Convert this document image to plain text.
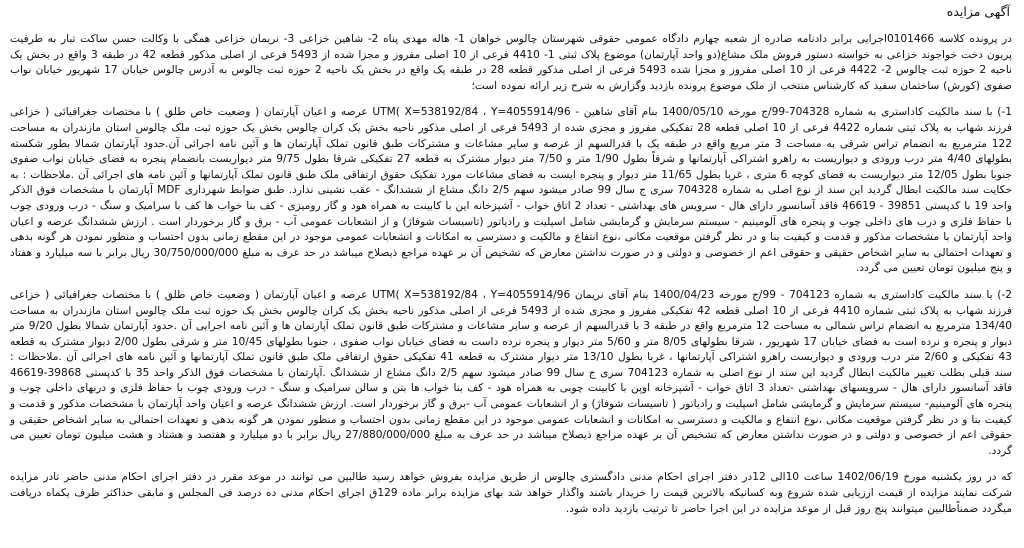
آگهی مزایده

در پرونده کلاسه 0101466اجرایی برابر دادنامه صادره از شعبه چهارم دادگاه عمومی حقوقی شهرستان چالوس خواهان 1- هاله مهدی پناه 2- شاهین خزاعی 3- نریمان خزاعی همگی با وکالت حسن ساکت تبار به طرفیت پریون دخت خواجوند خزاعی به خواسته دستور فروش ملک مشاع(دو واحد آپارتمان) موضوع پلاک ثبتی 1- 4410 فرعی از 10 اصلی مفروز و مجزا شده از 5493 فرعی از اصلی مذکور قطعه 42 در طبقه 3 واقع در بخش یک ناحیه 2 حوزه ثبت چالوس 2- 4422 فرعی از 10 اصلی مفروز و مجزا شده 5493 فرعی از اصلی مذکور قطعه 28 در طبقه یک واقع در بخش یک ناحیه 2 حوزه ثبت چالوس به آدرس چالوس خیابان 17 شهریور خیابان نواب صفوی (کورش) ساختمان سفید که کارشناس منتخب از ملک موضوع پرونده بازدید وگزارش به شرح زیر ارائه نموده است؛

1-) با سند مالکیت کاداستری به شماره 704328-99/ج مورخه 1400/05/10 بنام آقای شاهین - UTM( X=538192/84 ، Y=4055914/96 عرصه و اعیان آپارتمان ( وضعیت خاص طلق ) با مختصات جغرافیائی ( خزاعی فرزند شهاب به پلاک ثبتی شماره 4422 فرعی از 10 اصلی قطعه 28 تفکیکی مفروز و مجزی شده از 5493 فرعی از اصلی مذکور ناحیه بخش یک کران چالوس بخش یک حوزه ثبت ملک چالوس استان مازندران به مساحت 122 مترمربع به انضمام تراس شرقی به مساحت 3 متر مربع واقع در طبقه یک با قدرالسهم از عرصه و سایر مشاعات و مشترکات طبق قانون تملک آپارتمان ها و آئین نامه اجرائی آن.حدود آپارتمان شمالا بطور شکسته بطولهای 4/40 متر درب ورودی و دیواریست به راهرو اشتراکی آپارتمانها و شرقاً بطول 1/90 متر و 7/50 متر دیوار مشترک به قطعه 27 تفکیکی شرقا بطول 9/75 متر دیواریست بانضمام پنجره به فضای خیابان نواب صفوی جنوبا بطول 12/05 متر دیواریست به فضای کوچه 6 متری ، غربا بطول 11/65 متر دیوار و پنجره ایست به فضای مشاعات مورد تفکیک حقوق ارتفاقی ملک طبق قانون تملک آپارتمانها و آئین نامه های اجرائی آن .ملاحظات : به حکایت سند مالکیت ابطال گردید این سند از نوع اصلی به شماره 704328 سری ج سال 99 صادر میشود سهم 2/5 دانگ مشاع از ششدانگ - عقب نشینی ندارد. طبق ضوابط شهرداری MDF آپارتمان با مشخصات فوق الذکر واحد 19 با کدپستی 39851 - 46619 فاقد آسانسور دارای هال - سرویس های بهداشتی - تعداد 2 اتاق خواب - آشپزخانه این با کابینت به همراه هود و گاز رومیزی - کف بنا خواب ها کف با سرامیک و سنگ - درب ورودی چوب با حفاظ فلزی و درب های داخلی چوب و پنجره های آلومینیم - سیستم سرمایش و گرمایشی شامل اسپلیت و رادیاتور (تاسیسات شوفاژ) و از انشعابات عمومی آب - برق و گاز برخوردار است . ارزش ششدانگ عرصه و اعیان واحد آپارتمان با مشخصات مذکور و قدمت و کیفیت بنا و در نظر گرفتن موقعیت مکانی ،نوع انتفاع و مالکیت و دسترسی به امکانات و انشعابات عمومی موجود در این مقطع زمانی بدون احتساب و منظور نمودن هر گونه بدهی و تعهدات احتمالی به سایر اشخاص حقیقی و حقوقی اعم از خصوصی و دولتی و در صورت نداشتن معارض که تشخیص آن بر عهده مراجع ذیصلاح میباشد در حد عرف به مبلغ 30/750/000/000 ریال برابر با سه میلیارد و هفتاد و پنج میلیون تومان تعیین می گردد.

2-) با سند مالکیت کاداستری به شماره 704123 - 99/ج مورخه 1400/04/23 بنام آقای نریمان UTM( X=538192/84 ، Y=4055914/96 عرصه و اعیان آپارتمان ( وضعیت خاص طلق ) با مختصات جغرافیائی ( خزاعی فرزند شهاب به پلاک ثبتی شماره 4410 فرعی از 10 اصلی قطعه 42 تفکیکی مفروز و مجزی شده از 5493 فرعی از اصلی مذکور ناحیه بخش یک کران چالوس بخش یک حوزه ثبت ملک چالوس استان مازندران به مساحت 134/40 مترمربع به انضمام تراس شمالی به مساحت 12 مترمربع واقع در طبقه 3 با قدرالسهم از عرصه و سایر مشاعات و مشترکات طبق قانون تملک آپارتمان ها و آئین نامه اجرایی آن .حدود آپارتمان شمالا بطول 9/20 متر دیوار و پنجره و نرده است به فضای خیابان 17 شهریور ، شرقا بطولهای 8/05 متر و 5/60 متر دیوار و پنجره نرده داست به فضای خیابان نواب صفوی ، جنوبا بطولهای 10/45 متر و شرقی بطول 2/00 دیوار مشترک به قطعه 43 تفکیکی و 2/60 متر درب ورودی و دیواریست راهرو اشتراکی آپارتمانها ، غربا بطول 13/10 متر دیوار مشترک به قطعه 41 تفکیکی حقوق ارتفاقی ملک طبق قانون تملک آپارتمانها و آئین نامه های اجرائی آن .ملاحظات : سند قبلی بطلب تغییر مالکیت ابطال گردید این سند از نوع اصلی به شماره 704123 سری ج سال 99 صادر میشود سهم 2/5 دانگ مشاع از ششدانگ .آپارتمان با مشخصات فوق الذکر واحد 35 با کدپستی 39868-46619 فاقد آسانسور دارای هال - سرویسهای بهداشتی -تعداد 3 اتاق خواب - آشپزخانه اوپن با کابینت چوبی به همراه هود - کف بنا خواب ها بتن و سالن سرامیک و سنگ - درب ورودی چوب با حفاظ فلزی و دربهای داخلی چوب و پنجره های آلومینیم- سیستم سرمایش و گرمایشی شامل اسپلیت و رادیاتور ( تاسیسات شوفاژ) و از انشعابات عمومی آب -برق و گاز برخوردار است. ارزش ششدانگ عرصه و اعیان واحد آپارتمان با مشخصات مذکور و قدمت و کیفیت بنا و در نظر گرفتن موقعیت مکانی ،نوع انتفاع و مالکیت و دسترسی به امکانات و انشعابات عمومی موجود در این مقطع زمانی بدون احتساب و منظور نمودن هر گونه بدهی و تعهدات احتمالی به سایر اشخاص حقیقی و حقوقی اعم از خصوصی و دولتی و در صورت نداشتن معارض که تشخیص آن بر عهده مراجع ذیصلاح میباشد در حد عرف به مبلغ 27/880/000/000 ریال برابر با دو میلیارد و هفتصد و هشتاد و هشت میلیون تومان تعیین می گردد.

که در روز یکشنبه مورخ 1402/06/19 ساعت 10الی 12در دفتر اجرای احکام مدنی دادگستری چالوس از طریق مزایده بفروش خواهد رسید طالبین می توانند در موعد مقرر در دفتر اجرای احکام مدنی حاضر تادر مزایده شرکت نمایند مزایده از قیمت ارزیابی شده شروع وبه کسانیکه بالاترین قیمت را خریدار باشند واگذار خواهد شد بهای مزایده برابر ماده 129ق اجرای احکام مدنی ده درصد فی المجلس و مابقی حداکثر ظرف یکماه دریافت میگردد ضمناًطالبین میتوانند پنج روز قبل از موعد مزایده در این اجرا حاضر تا ترتیب بازدید داده شود.
